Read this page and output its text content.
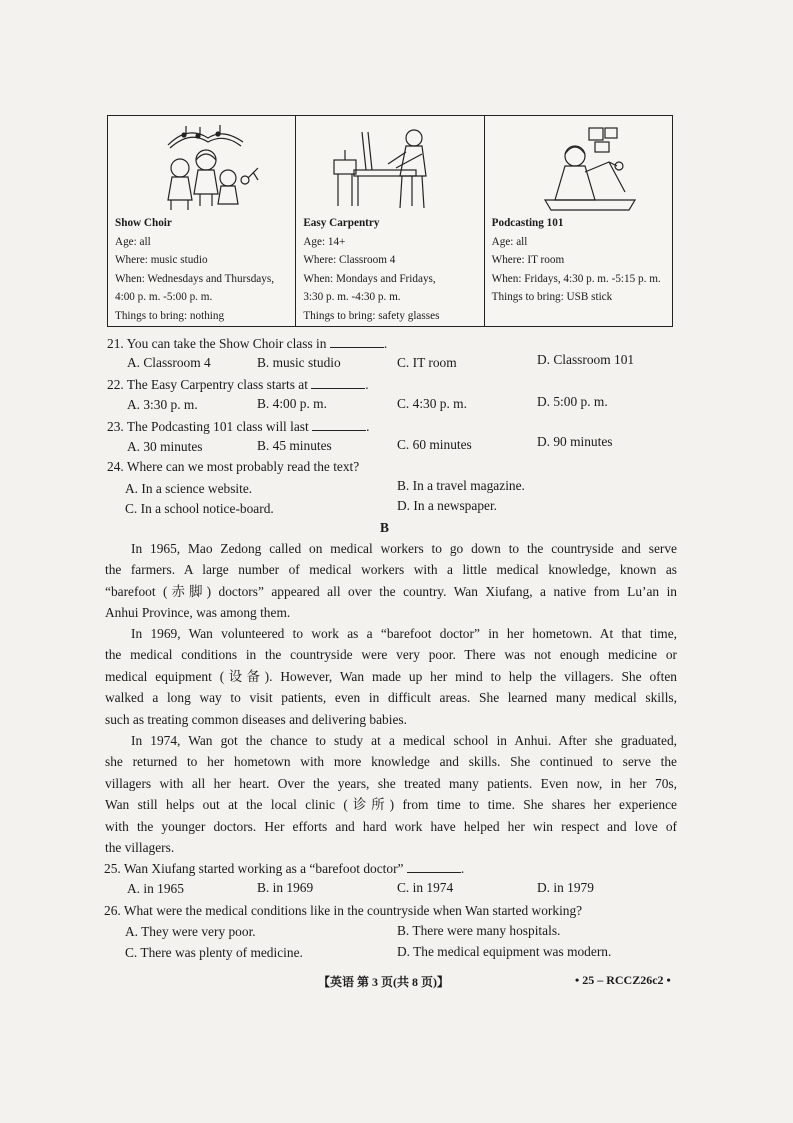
Show Choir
Age: all
Where: music studio
When: Wednesdays and Thursdays,
4:00 p. m. -5:00 p. m.
Things to bring: nothing
Easy Carpentry
Age: 14+
Where: Classroom 4
When: Mondays and Fridays,
3:30 p. m. -4:30 p. m.
Things to bring: safety glasses
Podcasting 101
Age: all
Where: IT room
When: Fridays, 4:30 p. m. -5:15 p. m.
Things to bring: USB stick
21. You can take the Show Choir class in	.
A. Classroom 4	B. music studio	C. IT room	D. Classroom 101
22. The Easy Carpentry class starts at	.
A. 3:30 p. m.	B. 4:00 p. m.	C. 4:30 p. m.	D. 5:00 p. m.
23. The Podcasting 101 class will last	.
A. 30 minutes	B. 45 minutes	C. 60 minutes	D. 90 minutes
24. Where can we most probably read the text?
A. In a science website.	B. In a travel magazine.
C. In a school notice-board.	D. In a newspaper.
B
In 1965, Mao Zedong called on medical workers to go down to the countryside and serve
the farmers. A large number of medical workers with a little medical knowledge, known as
“barefoot (赤脚) doctors” appeared all over the country. Wan Xiufang, a native from Lu’an in
Anhui Province, was among them.
In 1969, Wan volunteered to work as a “barefoot doctor” in her hometown. At that time,
the medical conditions in the countryside were very poor. There was not enough medicine or
medical equipment (设备). However, Wan made up her mind to help the villagers. She often
walked a long way to visit patients, even in difficult areas. She learned many medical skills,
such as treating common diseases and delivering babies.
In 1974, Wan got the chance to study at a medical school in Anhui. After she graduated,
she returned to her hometown with more knowledge and skills. She continued to serve the
villagers with all her heart. Over the years, she treated many patients. Even now, in her 70s,
Wan still helps out at the local clinic (诊所) from time to time. She shares her experience
with the younger doctors. Her efforts and hard work have helped her win respect and love of
the villagers.
25. Wan Xiufang started working as a “barefoot doctor”	.
A. in 1965	B. in 1969	C. in 1974	D. in 1979
26. What were the medical conditions like in the countryside when Wan started working?
A. They were very poor.	B. There were many hospitals.
C. There was plenty of medicine.	D. The medical equipment was modern.
【英语 第 3 页(共 8 页)】	• 25 – RCCZ26c2 •
